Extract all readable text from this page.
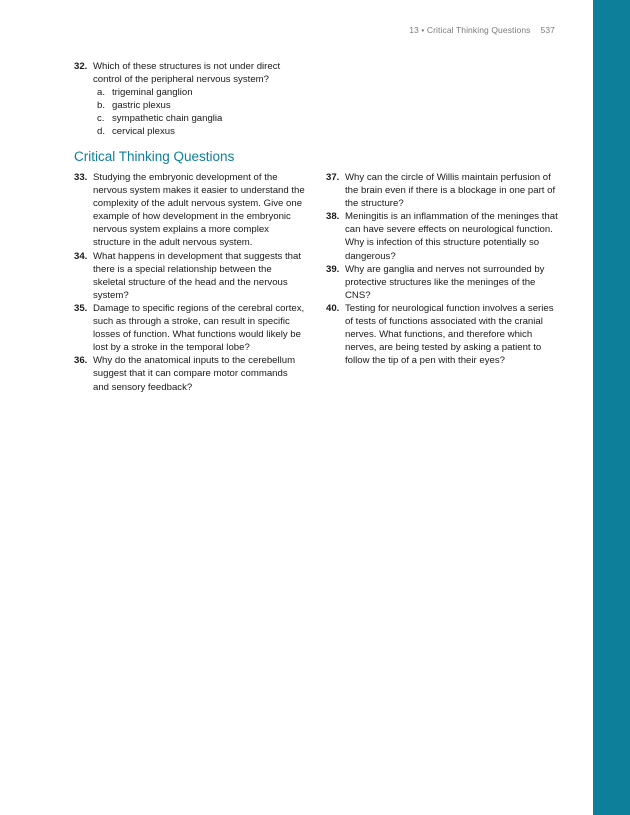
13 • Critical Thinking Questions 537
32. Which of these structures is not under direct control of the peripheral nervous system?
a. trigeminal ganglion
b. gastric plexus
c. sympathetic chain ganglia
d. cervical plexus
Critical Thinking Questions
33. Studying the embryonic development of the nervous system makes it easier to understand the complexity of the adult nervous system. Give one example of how development in the embryonic nervous system explains a more complex structure in the adult nervous system.
34. What happens in development that suggests that there is a special relationship between the skeletal structure of the head and the nervous system?
35. Damage to specific regions of the cerebral cortex, such as through a stroke, can result in specific losses of function. What functions would likely be lost by a stroke in the temporal lobe?
36. Why do the anatomical inputs to the cerebellum suggest that it can compare motor commands and sensory feedback?
37. Why can the circle of Willis maintain perfusion of the brain even if there is a blockage in one part of the structure?
38. Meningitis is an inflammation of the meninges that can have severe effects on neurological function. Why is infection of this structure potentially so dangerous?
39. Why are ganglia and nerves not surrounded by protective structures like the meninges of the CNS?
40. Testing for neurological function involves a series of tests of functions associated with the cranial nerves. What functions, and therefore which nerves, are being tested by asking a patient to follow the tip of a pen with their eyes?
